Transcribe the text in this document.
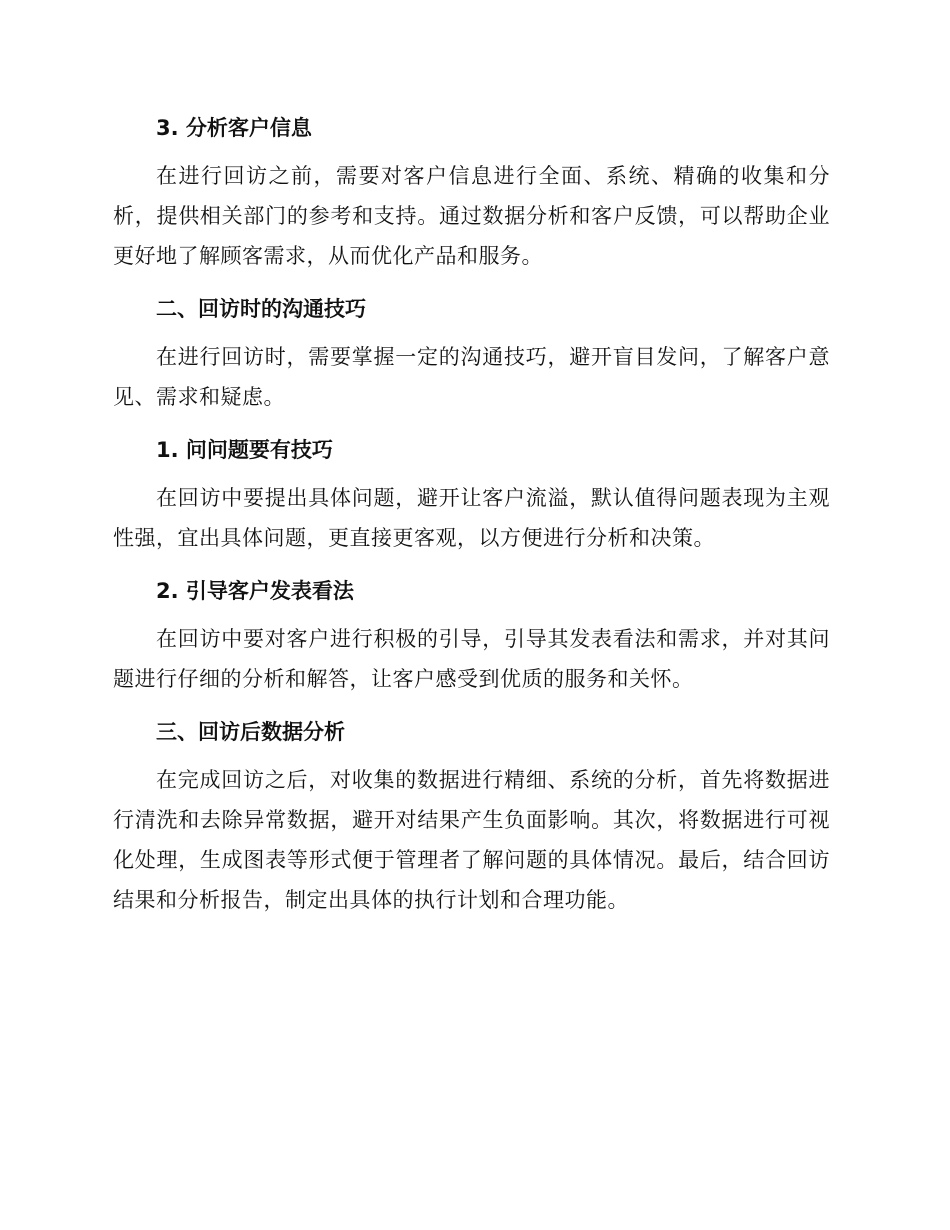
3. 分析客户信息

在进行回访之前，需要对客户信息进行全面、系统、精确的收集和分析，提供相关部门的参考和支持。通过数据分析和客户反馈，可以帮助企业更好地了解顾客需求，从而优化产品和服务。

二、回访时的沟通技巧

在进行回访时，需要掌握一定的沟通技巧，避开盲目发问，了解客户意见、需求和疑虑。

1. 问问题要有技巧

在回访中要提出具体问题，避开让客户流溢，默认值得问题表现为主观性强，宜出具体问题，更直接更客观，以方便进行分析和决策。

2. 引导客户发表看法

在回访中要对客户进行积极的引导，引导其发表看法和需求，并对其问题进行仔细的分析和解答，让客户感受到优质的服务和关怀。

三、回访后数据分析

在完成回访之后，对收集的数据进行精细、系统的分析，首先将数据进行清洗和去除异常数据，避开对结果产生负面影响。其次，将数据进行可视化处理，生成图表等形式便于管理者了解问题的具体情况。最后，结合回访结果和分析报告，制定出具体的执行计划和合理功能。
